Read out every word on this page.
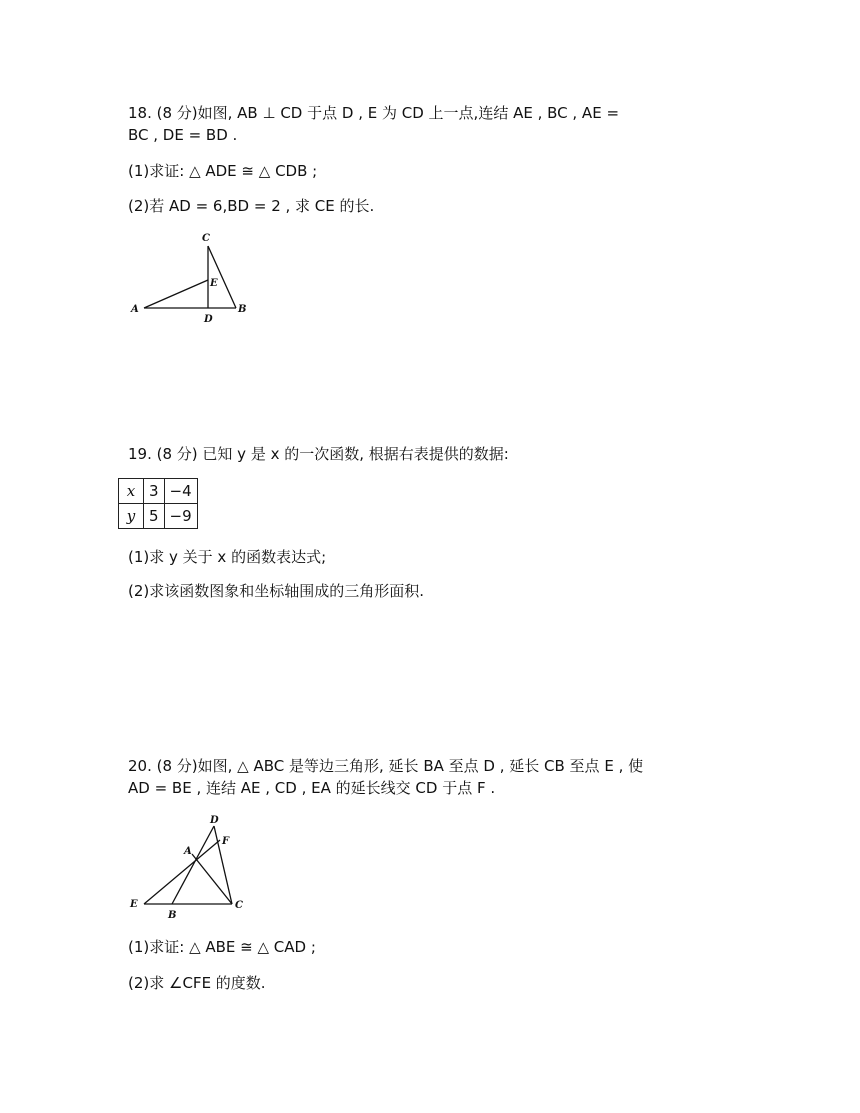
18. (8 分)如图, AB ⊥ CD 于点 D , E 为 CD 上一点,连结 AE , BC , AE =
BC , DE = BD .
(1)求证: △ ADE ≅ △ CDB ;
(2)若 AD = 6,BD = 2 , 求 CE 的长.
C
E
A
D
B
19. (8 分) 已知 y 是 x 的一次函数, 根据右表提供的数据:
x	3	−4
y	5	−9
(1)求 y 关于 x 的函数表达式;
(2)求该函数图象和坐标轴围成的三角形面积.
20. (8 分)如图, △ ABC 是等边三角形, 延长 BA 至点 D , 延长 CB 至点 E , 使
AD = BE , 连结 AE , CD , EA 的延长线交 CD 于点 F .
D
F
A
E
B
C
(1)求证: △ ABE ≅ △ CAD ;
(2)求 ∠CFE 的度数.
